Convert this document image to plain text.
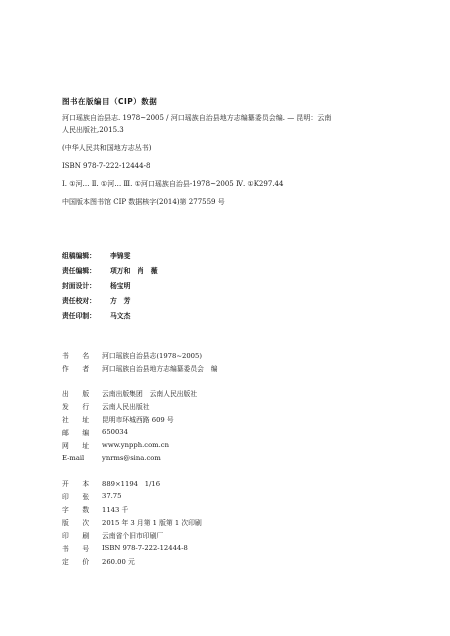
图书在版编目（CIP）数据
河口瑶族自治县志. 1978~2005 / 河口瑶族自治县地方志编纂委员会编. — 昆明：云南
人民出版社,2015.3
(中华人民共和国地方志丛书)
ISBN 978-7-222-12444-8
Ⅰ. ①河… Ⅱ. ①河… Ⅲ. ①河口瑶族自治县-1978~2005 Ⅳ. ①K297.44
中国版本图书馆 CIP 数据核字(2014)第 277559 号
组稿编辑：	李锦雯
责任编辑：	项万和　肖　薇
封面设计：	杨宝明
责任校对：	方　芳
责任印制：	马文杰
书　　名	河口瑶族自治县志(1978~2005)
作　　者	河口瑶族自治县地方志编纂委员会　编
出　　版	云南出版集团　云南人民出版社
发　　行	云南人民出版社
社　　址	昆明市环城西路 609 号
邮　　编	650034
网　　址	www.ynpph.com.cn
E-mail	ynrms@sina.com
开　　本	889×1194　1/16
印　　张	37.75
字　　数	1143 千
版　　次	2015 年 3 月第 1 版第 1 次印刷
印　　刷	云南省个旧市印刷厂
书　　号	ISBN 978-7-222-12444-8
定　　价	260.00 元
